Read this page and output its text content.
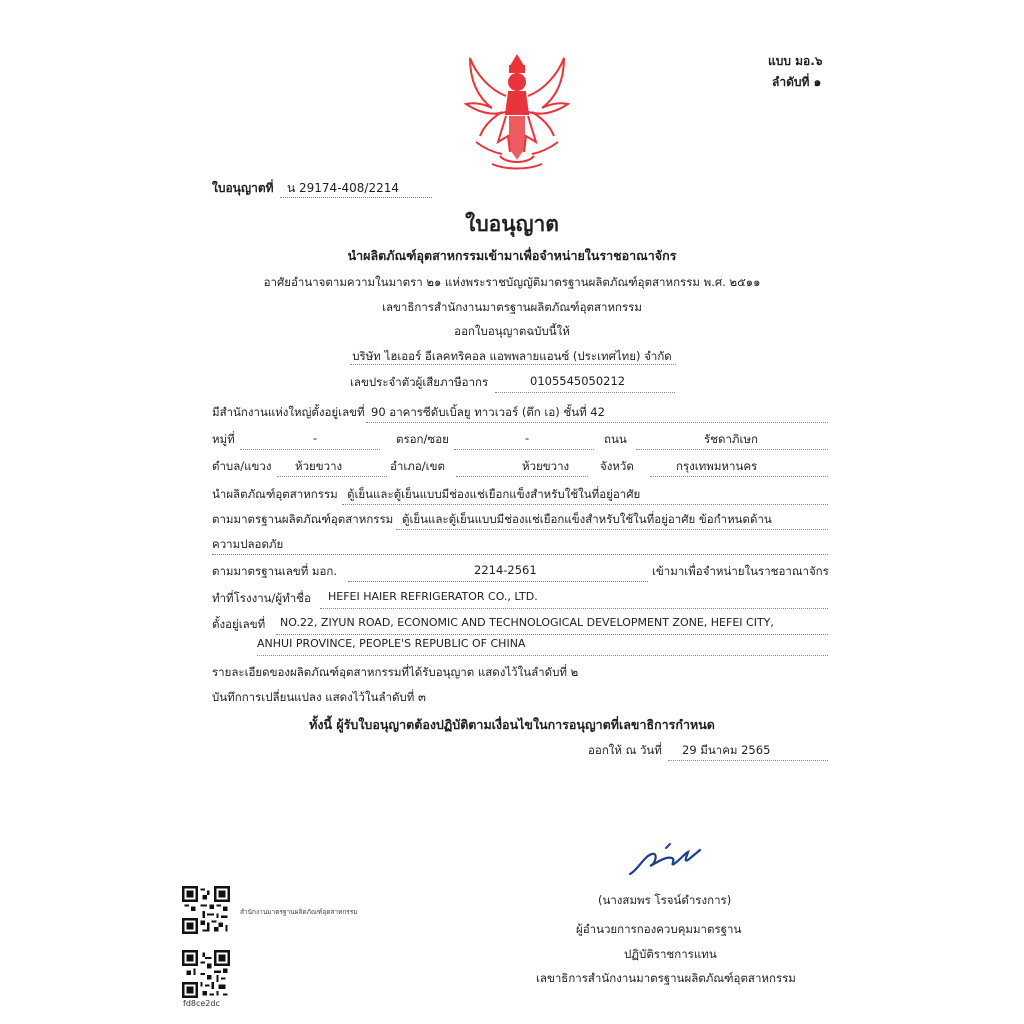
แบบ มอ.๖
ลำดับที่ ๑
ใบอนุญาตที่ น 29174-408/2214
ใบอนุญาต
นำผลิตภัณฑ์อุตสาหกรรมเข้ามาเพื่อจำหน่ายในราชอาณาจักร
อาศัยอำนาจตามความในมาตรา ๒๑ แห่งพระราชบัญญัติมาตรฐานผลิตภัณฑ์อุตสาหกรรม พ.ศ. ๒๕๑๑
เลขาธิการสำนักงานมาตรฐานผลิตภัณฑ์อุตสาหกรรม
ออกใบอนุญาตฉบับนี้ให้
บริษัท ไฮเออร์ อีเลคทริคอล แอพพลายแอนซ์ (ประเทศไทย) จำกัด
เลขประจำตัวผู้เสียภาษีอากร	0105545050212
มีสำนักงานแห่งใหญ่ตั้งอยู่เลขที่ 90 อาคารซีดับเบิ้ลยู ทาวเวอร์ (ตึก เอ) ชั้นที่ 42
หมู่ที่	-	ตรอก/ซอย	-	ถนน	รัชดาภิเษก
ตำบล/แขวง ห้วยขวาง	อำเภอ/เขต	ห้วยขวาง	จังหวัด	กรุงเทพมหานคร
นำผลิตภัณฑ์อุตสาหกรรม ตู้เย็นและตู้เย็นแบบมีช่องแช่เยือกแข็งสำหรับใช้ในที่อยู่อาศัย
ตามมาตรฐานผลิตภัณฑ์อุตสาหกรรม ตู้เย็นและตู้เย็นแบบมีช่องแช่เยือกแข็งสำหรับใช้ในที่อยู่อาศัย ข้อกำหนดด้าน
ความปลอดภัย
ตามมาตรฐานเลขที่ มอก.	2214-2561	เข้ามาเพื่อจำหน่ายในราชอาณาจักร
ทำที่โรงงาน/ผู้ทำชื่อ HEFEI HAIER REFRIGERATOR CO., LTD.
ตั้งอยู่เลขที่ NO.22, ZIYUN ROAD, ECONOMIC AND TECHNOLOGICAL DEVELOPMENT ZONE, HEFEI CITY,
ANHUI PROVINCE, PEOPLE'S REPUBLIC OF CHINA
รายละเอียดของผลิตภัณฑ์อุตสาหกรรมที่ได้รับอนุญาต แสดงไว้ในลำดับที่ ๒
บันทึกการเปลี่ยนแปลง แสดงไว้ในลำดับที่ ๓
ทั้งนี้ ผู้รับใบอนุญาตต้องปฏิบัติตามเงื่อนไขในการอนุญาตที่เลขาธิการกำหนด
ออกให้ ณ วันที่ 29 มีนาคม 2565
(นางสมพร โรจน์ดำรงการ)
ผู้อำนวยการกองควบคุมมาตรฐาน
ปฏิบัติราชการแทน
เลขาธิการสำนักงานมาตรฐานผลิตภัณฑ์อุตสาหกรรม
สำนักงานมาตรฐานผลิตภัณฑ์อุตสาหกรรม
fd8ce2dc
